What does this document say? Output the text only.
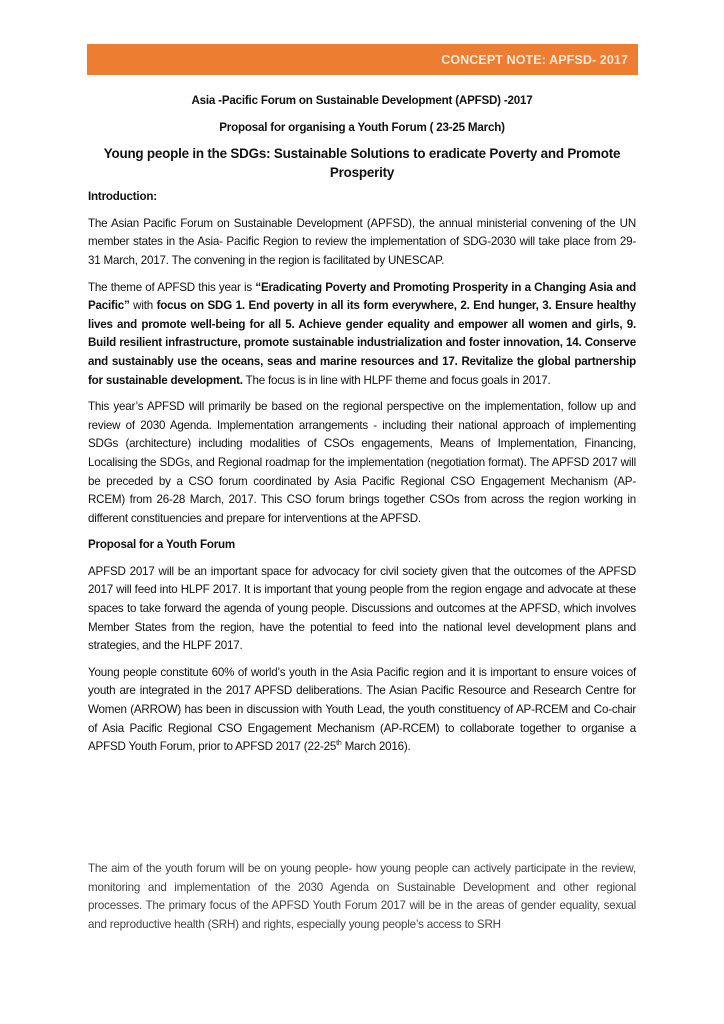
CONCEPT NOTE: APFSD- 2017

Asia -Pacific Forum on Sustainable Development (APFSD) -2017

Proposal for organising a Youth Forum ( 23-25 March)

Young people in the SDGs: Sustainable Solutions to eradicate Poverty and Promote Prosperity

Introduction:

The Asian Pacific Forum on Sustainable Development (APFSD), the annual ministerial convening of the UN member states in the Asia- Pacific Region to review the implementation of SDG-2030 will take place from 29-31 March, 2017. The convening in the region is facilitated by UNESCAP.

The theme of APFSD this year is “Eradicating Poverty and Promoting Prosperity in a Changing Asia and Pacific” with focus on SDG 1. End poverty in all its form everywhere, 2. End hunger, 3. Ensure healthy lives and promote well-being for all 5. Achieve gender equality and empower all women and girls, 9. Build resilient infrastructure, promote sustainable industrialization and foster innovation, 14. Conserve and sustainably use the oceans, seas and marine resources and 17. Revitalize the global partnership for sustainable development. The focus is in line with HLPF theme and focus goals in 2017.

This year’s APFSD will primarily be based on the regional perspective on the implementation, follow up and review of 2030 Agenda. Implementation arrangements - including their national approach of implementing SDGs (architecture) including modalities of CSOs engagements, Means of Implementation, Financing, Localising the SDGs, and Regional roadmap for the implementation (negotiation format). The APFSD 2017 will be preceded by a CSO forum coordinated by Asia Pacific Regional CSO Engagement Mechanism (AP- RCEM) from 26-28 March, 2017. This CSO forum brings together CSOs from across the region working in different constituencies and prepare for interventions at the APFSD.

Proposal for a Youth Forum

APFSD 2017 will be an important space for advocacy for civil society given that the outcomes of the APFSD 2017 will feed into HLPF 2017. It is important that young people from the region engage and advocate at these spaces to take forward the agenda of young people. Discussions and outcomes at the APFSD, which involves Member States from the region, have the potential to feed into the national level development plans and strategies, and the HLPF 2017.

Young people constitute 60% of world’s youth in the Asia Pacific region and it is important to ensure voices of youth are integrated in the 2017 APFSD deliberations. The Asian Pacific Resource and Research Centre for Women (ARROW) has been in discussion with Youth Lead, the youth constituency of AP-RCEM and Co-chair of Asia Pacific Regional CSO Engagement Mechanism (AP-RCEM) to collaborate together to organise a APFSD Youth Forum, prior to APFSD 2017 (22-25th March 2016).

The aim of the youth forum will be on young people- how young people can actively participate in the review, monitoring and implementation of the 2030 Agenda on Sustainable Development and other regional processes. The primary focus of the APFSD Youth Forum 2017 will be in the areas of gender equality, sexual and reproductive health (SRH) and rights, especially young people’s access to SRH
